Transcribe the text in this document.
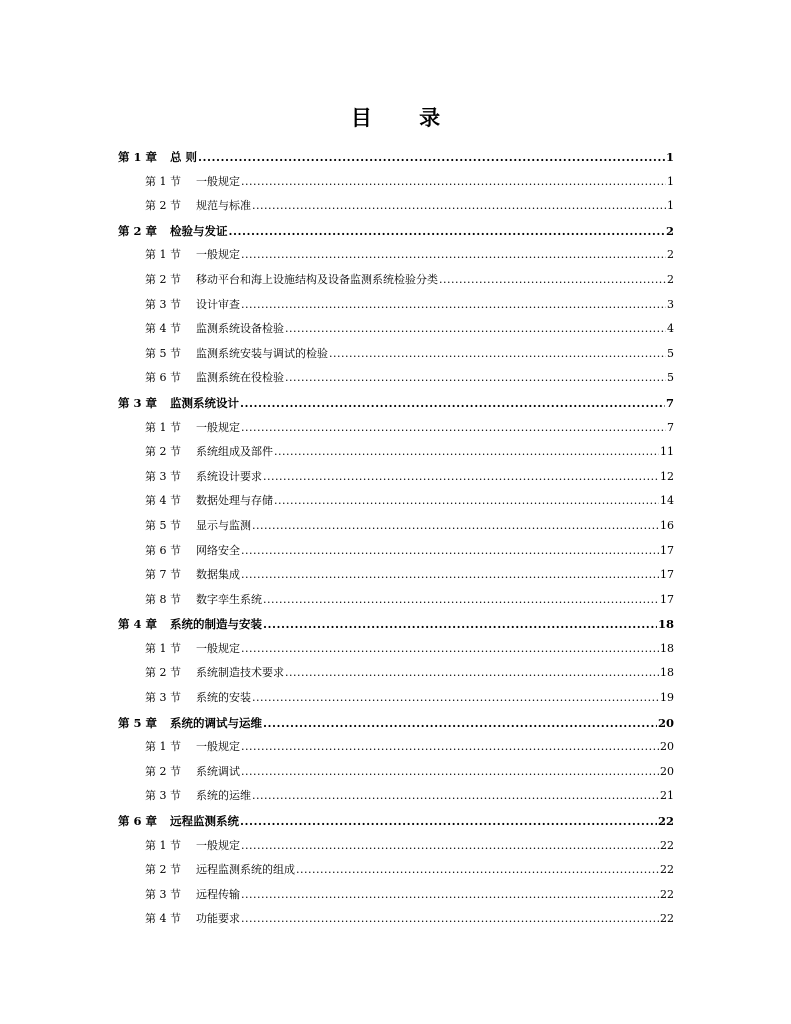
目 录
第 1 章	总 则 .....	1
第 1 节	一般规定 .....	1
第 2 节	规范与标准 .....	1
第 2 章	检验与发证 .....	2
第 1 节	一般规定 .....	2
第 2 节	移动平台和海上设施结构及设备监测系统检验分类 .....	2
第 3 节	设计审查 .....	3
第 4 节	监测系统设备检验 .....	4
第 5 节	监测系统安装与调试的检验 .....	5
第 6 节	监测系统在役检验 .....	5
第 3 章	监测系统设计 .....	7
第 1 节	一般规定 .....	7
第 2 节	系统组成及部件 .....	11
第 3 节	系统设计要求 .....	12
第 4 节	数据处理与存储 .....	14
第 5 节	显示与监测 .....	16
第 6 节	网络安全 .....	17
第 7 节	数据集成 .....	17
第 8 节	数字孪生系统 .....	17
第 4 章	系统的制造与安装 .....	18
第 1 节	一般规定 .....	18
第 2 节	系统制造技术要求 .....	18
第 3 节	系统的安装 .....	19
第 5 章	系统的调试与运维 .....	20
第 1 节	一般规定 .....	20
第 2 节	系统调试 .....	20
第 3 节	系统的运维 .....	21
第 6 章	远程监测系统 .....	22
第 1 节	一般规定 .....	22
第 2 节	远程监测系统的组成 .....	22
第 3 节	远程传输 .....	22
第 4 节	功能要求 .....	22
